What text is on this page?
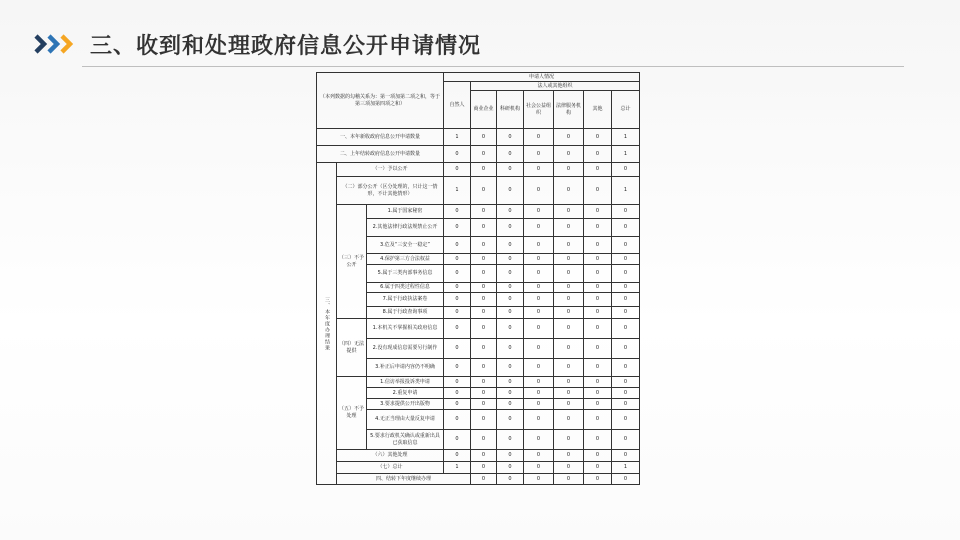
三、收到和处理政府信息公开申请情况
（本列数据的勾稽关系为：第一项加第二项之和，等于第三项加第四项之和）			申请人情况							
			自然人	法人或其他组织						
				商业企业	科研机构	社会公益组织	法律服务机构	其他	总计	
一、本年新收政府信息公开申请数量			1	0	0	0	0	0	1	
二、上年结转政府信息公开申请数量			0	0	0	0	0	0	1	
三、本年度办理结果	（一）予以公开		0	0	0	0	0	0	0	
	（二）部分公开（区分处理的，只计这一情形，不计其他情形）		1	0	0	0	0	0	1	
	（三）不予公开	1.属于国家秘密	0	0	0	0	0	0	0	
		2.其他法律行政法规禁止公开	0	0	0	0	0	0	0	
		3.危及“三安全一稳定”	0	0	0	0	0	0	0	
		4.保护第三方合法权益	0	0	0	0	0	0	0	
		5.属于三类内部事务信息	0	0	0	0	0	0	0	
		6.属于四类过程性信息	0	0	0	0	0	0	0	
		7.属于行政执法案卷	0	0	0	0	0	0	0	
		8.属于行政查询事项	0	0	0	0	0	0	0	
	（四）无法提供	1.本机关不掌握相关政府信息	0	0	0	0	0	0	0	
		2.没有现成信息需要另行制作	0	0	0	0	0	0	0	
		3.补正后申请内容仍不明确	0	0	0	0	0	0	0	
	（五）不予处理	1.信访举报投诉类申请	0	0	0	0	0	0	0	
		2.重复申请	0	0	0	0	0	0	0	
		3.要求提供公开出版物	0	0	0	0	0	0	0	
		4.无正当理由大量反复申请	0	0	0	0	0	0	0	
		5.要求行政机关确认或重新出具已获取信息	0	0	0	0	0	0	0	
	（六）其他处理		0	0	0	0	0	0	0	
	（七）总计		1	0	0	0	0	0	1	
	四、结转下年度继续办理			0	0	0	0	0	0	
